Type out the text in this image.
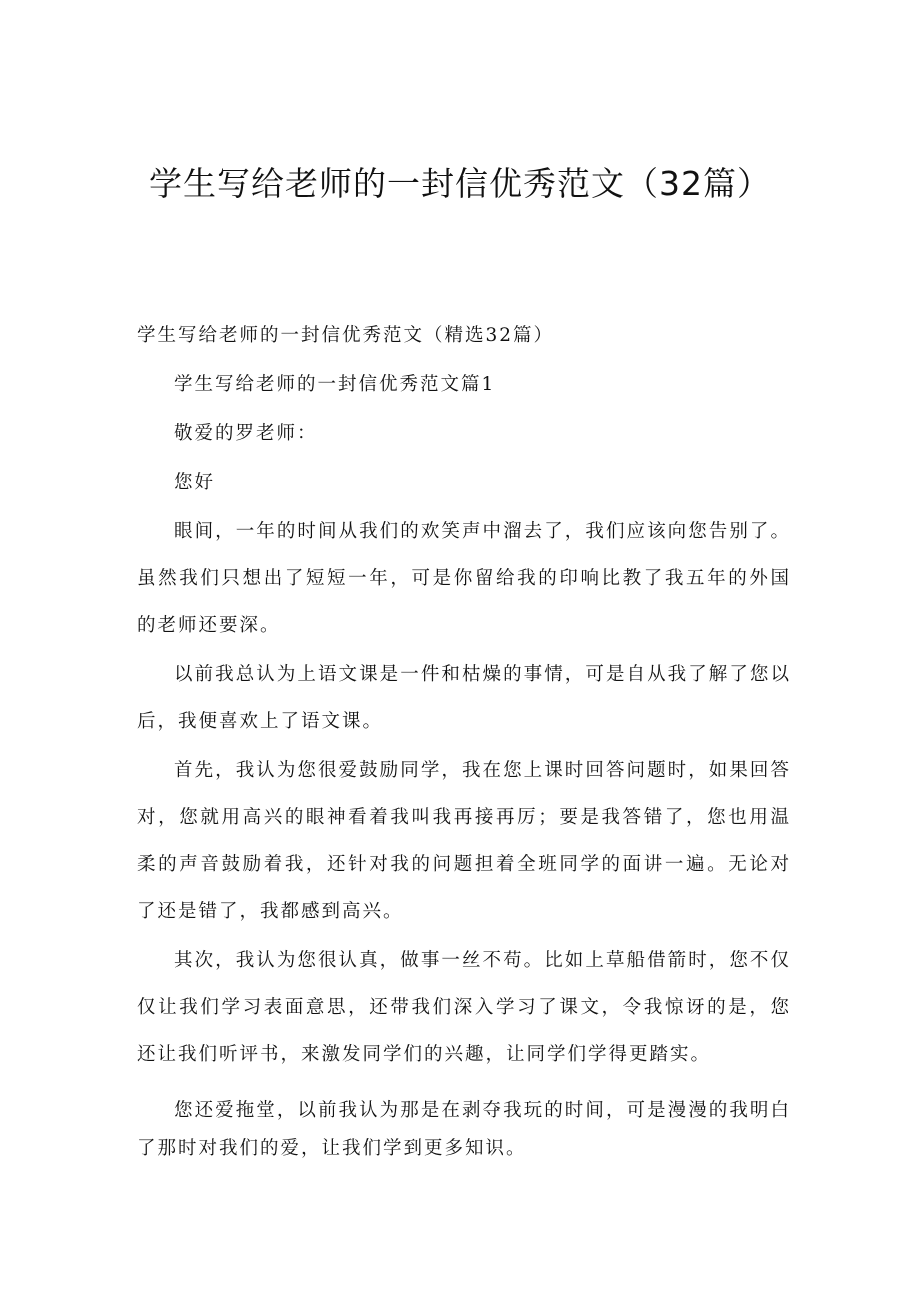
学生写给老师的一封信优秀范文（32篇）

学生写给老师的一封信优秀范文（精选32篇）

学生写给老师的一封信优秀范文篇1

敬爱的罗老师：

您好

眼间，一年的时间从我们的欢笑声中溜去了，我们应该向您告别了。虽然我们只想出了短短一年，可是你留给我的印响比教了我五年的外国的老师还要深。

以前我总认为上语文课是一件和枯燥的事情，可是自从我了解了您以后，我便喜欢上了语文课。

首先，我认为您很爱鼓励同学，我在您上课时回答问题时，如果回答对，您就用高兴的眼神看着我叫我再接再厉；要是我答错了，您也用温柔的声音鼓励着我，还针对我的问题担着全班同学的面讲一遍。无论对了还是错了，我都感到高兴。

其次，我认为您很认真，做事一丝不苟。比如上草船借箭时，您不仅仅让我们学习表面意思，还带我们深入学习了课文，令我惊讶的是，您还让我们听评书，来激发同学们的兴趣，让同学们学得更踏实。

您还爱拖堂，以前我认为那是在剥夺我玩的时间，可是漫漫的我明白了那时对我们的爱，让我们学到更多知识。
